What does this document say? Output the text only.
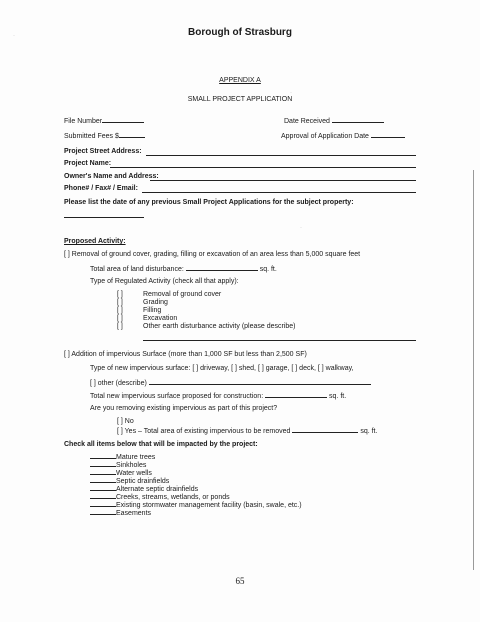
Borough of Strasburg
APPENDIX A
SMALL PROJECT APPLICATION
File Number	Date Received
Submitted Fees $	Approval of Application Date
Project Street Address:
Project Name:
Owner's Name and Address:
Phone# / Fax# / Email:
Please list the date of any previous Small Project Applications for the subject property:
Proposed Activity:
[ ] Removal of ground cover, grading, filling or excavation of an area less than 5,000 square feet
Total area of land disturbance:	sq. ft.
Type of Regulated Activity (check all that apply):
[ ]	Removal of ground cover
[ ]	Grading
[ ]	Filling
[ ]	Excavation
[ ]	Other earth disturbance activity (please describe)
[ ] Addition of impervious Surface (more than 1,000 SF but less than 2,500 SF)
Type of new impervious surface: [ ] driveway, [ ] shed, [ ] garage, [ ] deck, [ ] walkway,
[ ] other (describe)
Total new impervious surface proposed for construction:	sq. ft.
Are you removing existing impervious as part of this project?
[ ] No
[ ] Yes – Total area of existing impervious to be removed	sq. ft.
Check all items below that will be impacted by the project:
Mature trees
Sinkholes
Water wells
Septic drainfields
Alternate septic drainfields
Creeks, streams, wetlands, or ponds
Existing stormwater management facility (basin, swale, etc.)
Easements
65
·
·
·
